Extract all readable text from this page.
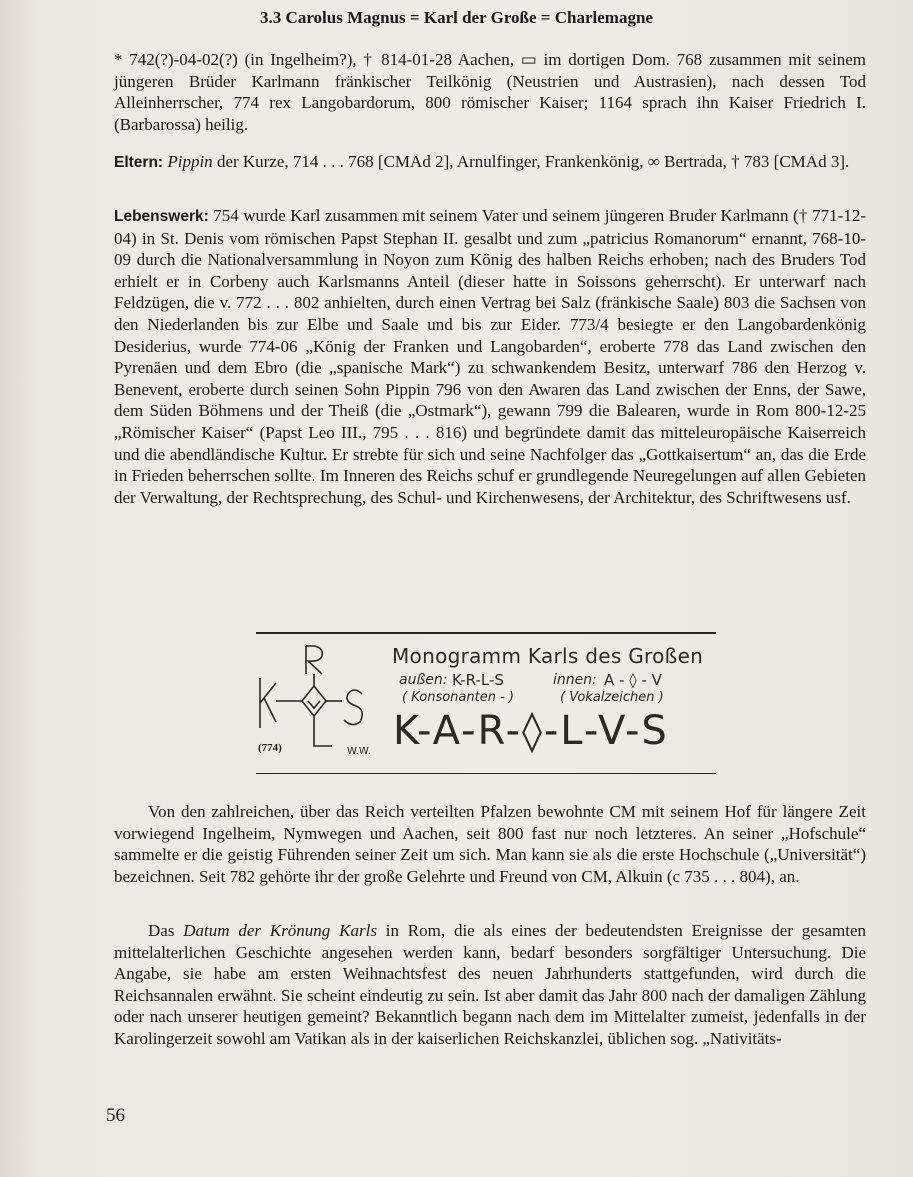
3.3 Carolus Magnus = Karl der Große = Charlemagne

* 742(?)-04-02(?) (in Ingelheim?), † 814-01-28 Aachen, ▭ im dortigen Dom. 768 zusammen mit seinem jüngeren Brüder Karlmann fränkischer Teilkönig (Neustrien und Austrasien), nach dessen Tod Alleinherrscher, 774 rex Langobardorum, 800 römischer Kaiser; 1164 sprach ihn Kaiser Friedrich I. (Barbarossa) heilig.

Eltern: Pippin der Kurze, 714 . . . 768 [CMAd 2], Arnulfinger, Frankenkönig, ∞ Bertrada, † 783 [CMAd 3].

Lebenswerk: 754 wurde Karl zusammen mit seinem Vater und seinem jüngeren Bruder Karlmann († 771-12-04) in St. Denis vom römischen Papst Stephan II. gesalbt und zum „patricius Romanorum“ ernannt, 768-10-09 durch die Nationalversammlung in Noyon zum König des halben Reichs erhoben; nach des Bruders Tod erhielt er in Corbeny auch Karlsmanns Anteil (dieser hatte in Soissons geherrscht). Er unterwarf nach Feldzügen, die v. 772 . . . 802 anhielten, durch einen Vertrag bei Salz (fränkische Saale) 803 die Sachsen von den Niederlanden bis zur Elbe und Saale und bis zur Eider. 773/4 besiegte er den Langobardenkönig Desiderius, wurde 774-06 „König der Franken und Langobarden“, eroberte 778 das Land zwischen den Pyrenäen und dem Ebro (die „spanische Mark“) zu schwankendem Besitz, unterwarf 786 den Herzog v. Benevent, eroberte durch seinen Sohn Pippin 796 von den Awaren das Land zwischen der Enns, der Sawe, dem Süden Böhmens und der Theiß (die „Ostmark“), gewann 799 die Balearen, wurde in Rom 800-12-25 „Römischer Kaiser“ (Papst Leo III., 795 . . . 816) und begründete damit das mitteleuropäische Kaiserreich und die abendländische Kultur. Er strebte für sich und seine Nachfolger das „Gottkaisertum“ an, das die Erde in Frieden beherrschen sollte. Im Inneren des Reichs schuf er grundlegende Neuregelungen auf allen Gebieten der Verwaltung, der Rechtsprechung, des Schul- und Kirchenwesens, der Architektur, des Schriftwesens usf.

Monogramm Karls des Großen
außen: K-R-L-S	innen: A - ◊ - V
( Konsonanten - )	( Vokalzeichen )
K-A-R-◊-L-V-S
(774)	W.W.

Von den zahlreichen, über das Reich verteilten Pfalzen bewohnte CM mit seinem Hof für längere Zeit vorwiegend Ingelheim, Nymwegen und Aachen, seit 800 fast nur noch letzteres. An seiner „Hofschule“ sammelte er die geistig Führenden seiner Zeit um sich. Man kann sie als die erste Hochschule („Universität“) bezeichnen. Seit 782 gehörte ihr der große Gelehrte und Freund von CM, Alkuin (c 735 . . . 804), an.

Das Datum der Krönung Karls in Rom, die als eines der bedeutendsten Ereignisse der gesamten mittelalterlichen Geschichte angesehen werden kann, bedarf besonders sorgfältiger Untersuchung. Die Angabe, sie habe am ersten Weihnachtsfest des neuen Jahrhunderts stattgefunden, wird durch die Reichsannalen erwähnt. Sie scheint eindeutig zu sein. Ist aber damit das Jahr 800 nach der damaligen Zählung oder nach unserer heutigen gemeint? Bekanntlich begann nach dem im Mittelalter zumeist, jedenfalls in der Karolingerzeit sowohl am Vatikan als in der kaiserlichen Reichskanzlei, üblichen sog. „Nativitäts-

56
